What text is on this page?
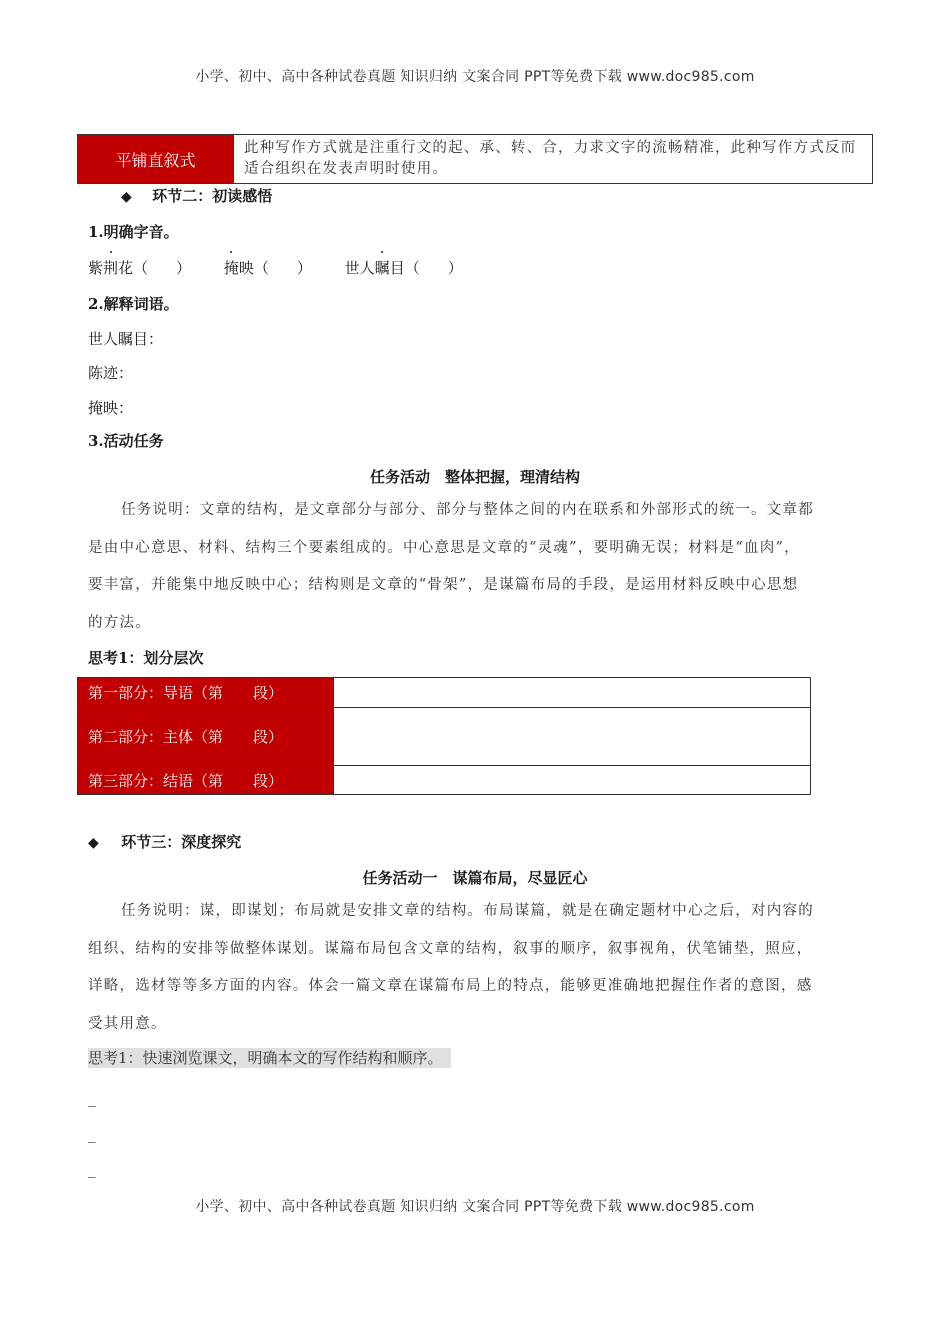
小学、初中、高中各种试卷真题 知识归纳 文案合同 PPT等免费下载 www.doc985.com
平铺直叙式	此种写作方式就是注重行文的起、承、转、合，力求文字的流畅精准，此种写作方式反而适合组织在发表声明时使用。
◆ 环节二：初读感悟
1.明确字音。
紫
荆花（ ） 掩映（ ） 世人
瞩目（ ）
2.解释词语。
世人瞩目：
陈迹：
掩映：
3.活动任务
任务活动　整体把握，理清结构
任务说明：文章的结构，是文章部分与部分、部分与整体之间的内在联系和外部形式的统一。文章都
是由中心意思、材料、结构三个要素组成的。中心意思是文章的“灵魂”，要明确无误；材料是“血肉”，
要丰富，并能集中地反映中心；结构则是文章的“骨架”，是谋篇布局的手段，是运用材料反映中心思想
的方法。
思考1：划分层次
第一部分：导语（第　　段）	
第二部分：主体（第　　段）	
第三部分：结语（第　　段）	
◆ 环节三：深度探究
任务活动一　谋篇布局，尽显匠心
任务说明：谋，即谋划；布局就是安排文章的结构。布局谋篇，就是在确定题材中心之后，对内容的
组织、结构的安排等做整体谋划。谋篇布局包含文章的结构，叙事的顺序，叙事视角，伏笔铺垫，照应，
详略，选材等等多方面的内容。体会一篇文章在谋篇布局上的特点，能够更准确地把握住作者的意图，感
受其用意。
思考1：快速浏览课文，明确本文的写作结构和顺序。
_
_
_
小学、初中、高中各种试卷真题 知识归纳 文案合同 PPT等免费下载 www.doc985.com
